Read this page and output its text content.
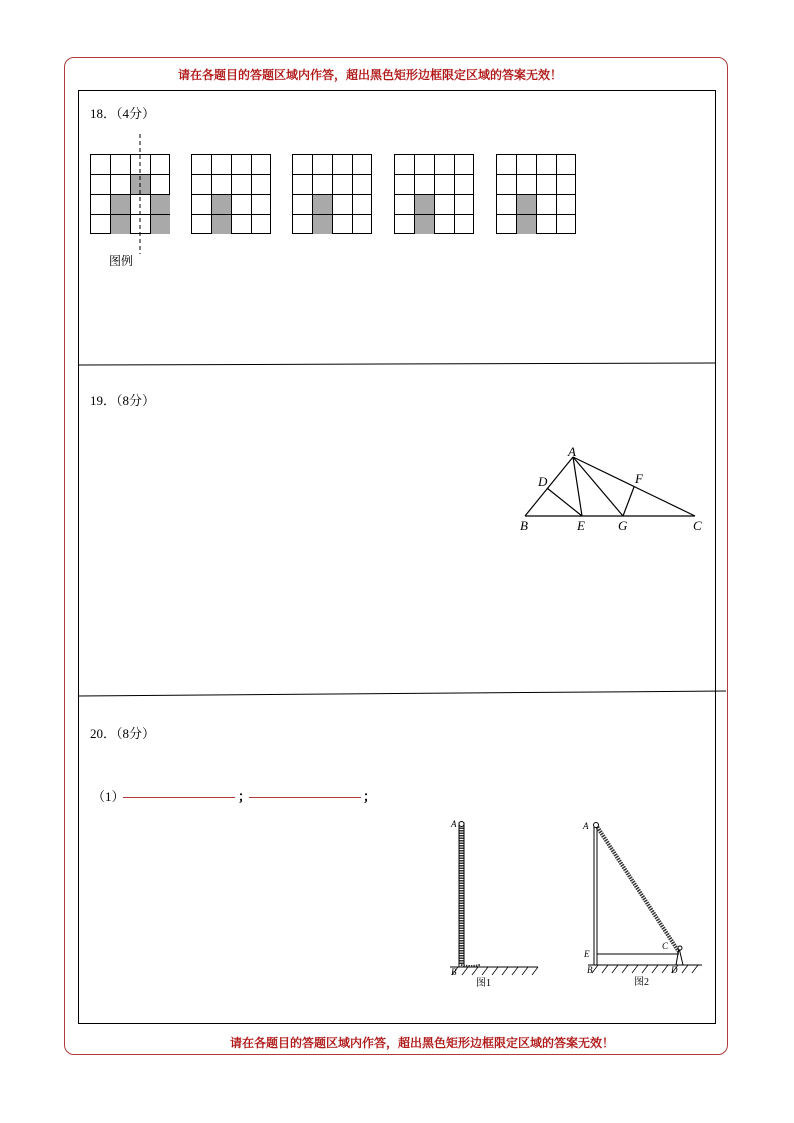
请在各题目的答题区域内作答，超出黑色矩形边框限定区域的答案无效！
18．（4分）
图例
19．（8分）
A
D	F
B	E	G	C
20．（8分）
（1）	；	；
A
B
图1
A
E
C
B	D
图2
请在各题目的答题区域内作答，超出黑色矩形边框限定区域的答案无效！
